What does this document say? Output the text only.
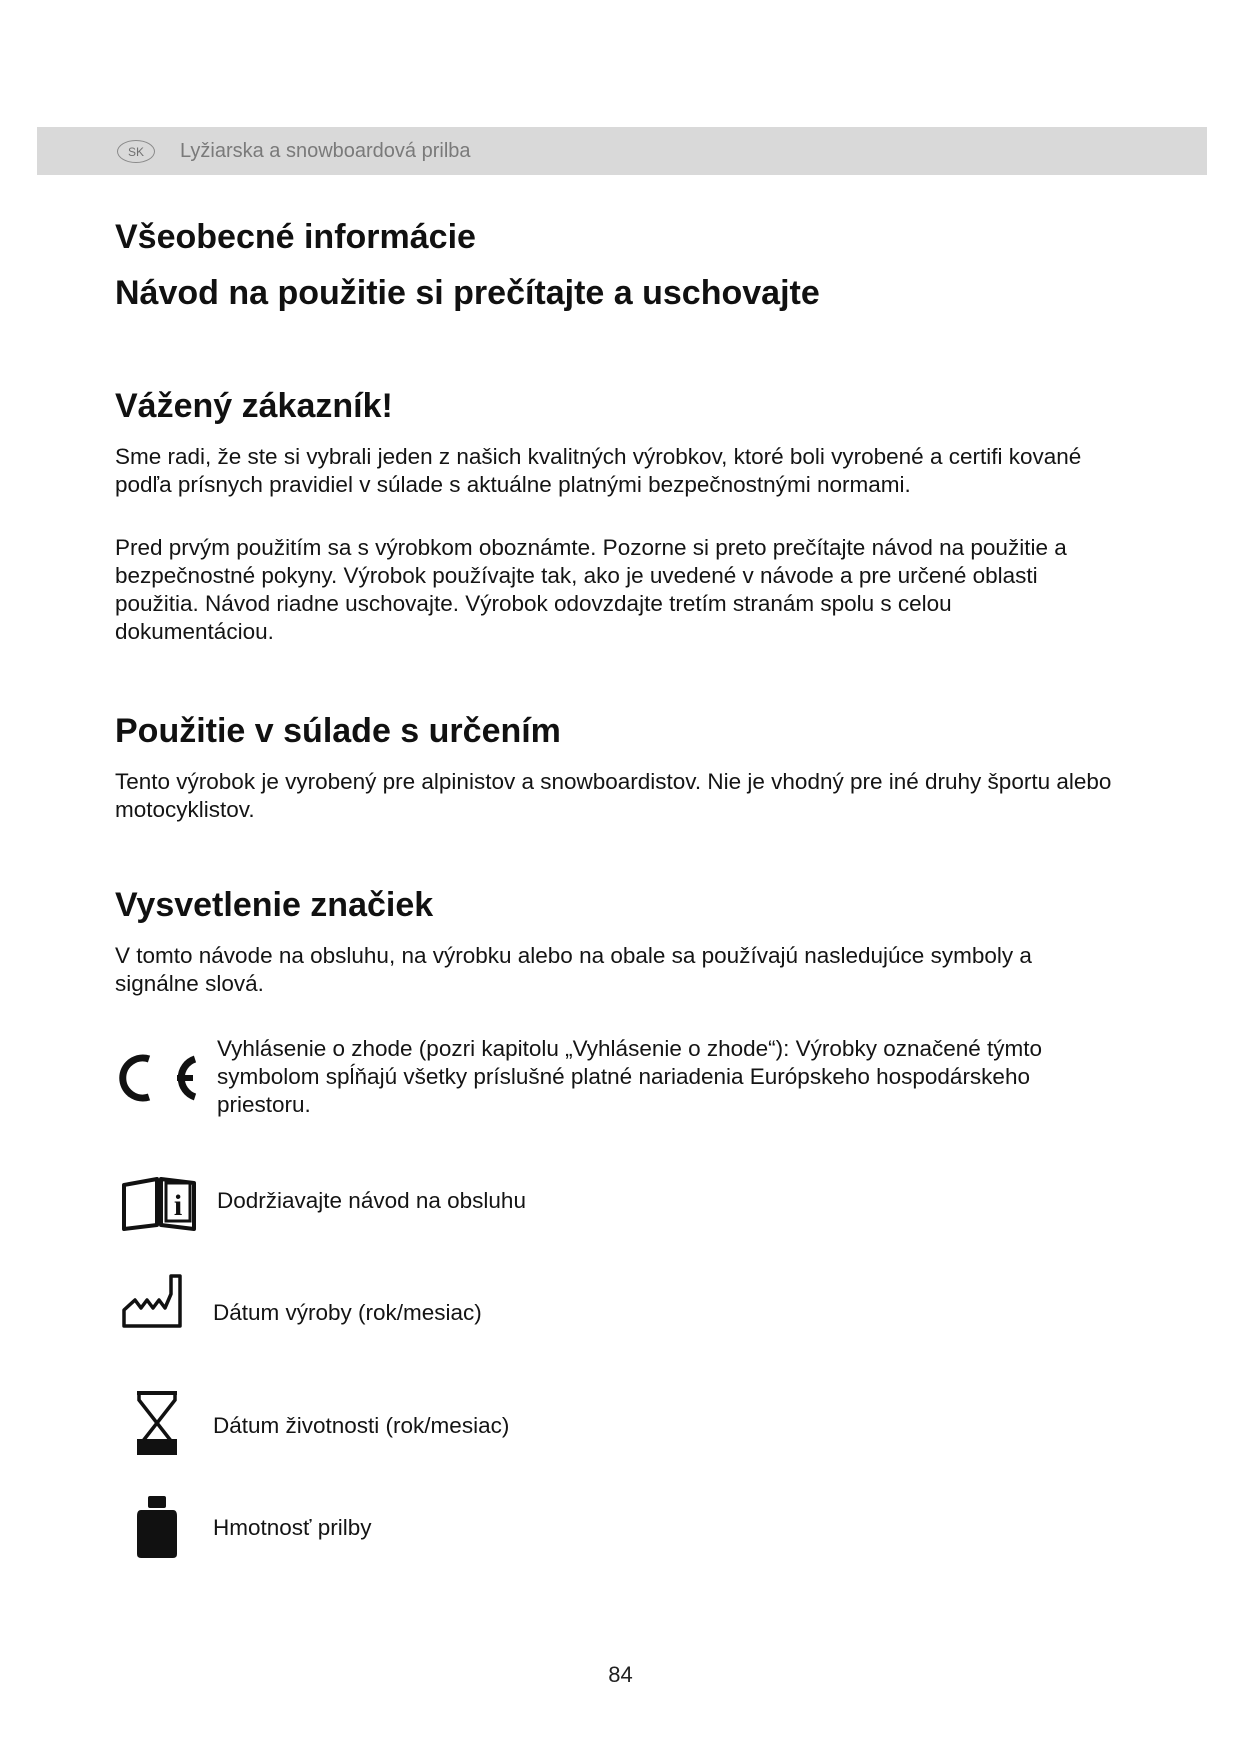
SK	Lyžiarska a snowboardová prilba
Všeobecné informácie
Návod na použitie si prečítajte a uschovajte
Vážený zákazník!

Sme radi, že ste si vybrali jeden z našich kvalitných výrobkov, ktoré boli vyrobené a certifi kované podľa prísnych pravidiel v súlade s aktuálne platnými bezpečnostnými normami.

Pred prvým použitím sa s výrobkom oboznámte. Pozorne si preto prečítajte návod na použitie a bezpečnostné pokyny. Výrobok používajte tak, ako je uvedené v návode a pre určené oblasti použitia. Návod riadne uschovajte. Výrobok odovzdajte tretím stranám spolu s celou dokumentáciou.

Použitie v súlade s určením

Tento výrobok je vyrobený pre alpinistov a snowboardistov. Nie je vhodný pre iné druhy športu alebo motocyklistov.

Vysvetlenie značiek

V tomto návode na obsluhu, na výrobku alebo na obale sa používajú nasledujúce symboly a signálne slová.

Vyhlásenie o zhode (pozri kapitolu „Vyhlásenie o zhode“): Výrobky označené týmto symbolom spĺňajú všetky príslušné platné nariadenia Európskeho hospodárskeho priestoru.
i Dodržiavajte návod na obsluhu
Dátum výroby (rok/mesiac)
Dátum životnosti (rok/mesiac)
Hmotnosť prilby
84
